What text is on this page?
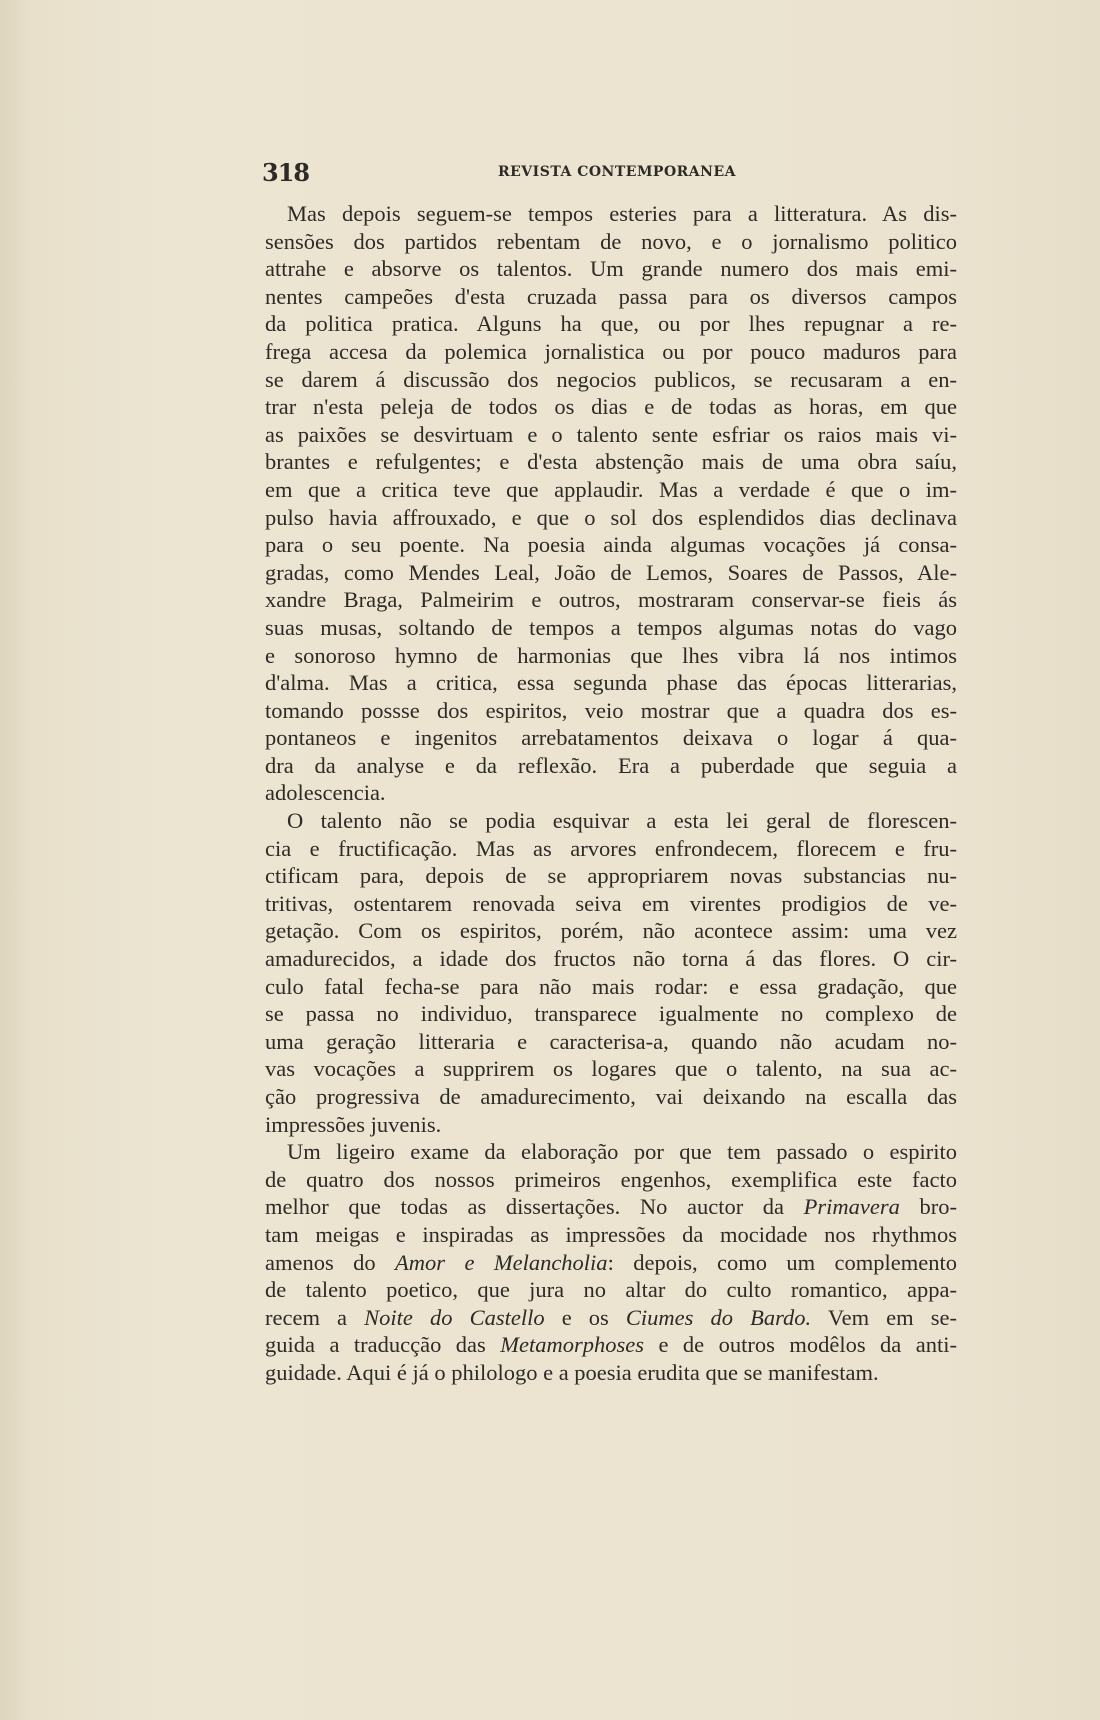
318	REVISTA CONTEMPORANEA
Mas depois seguem-se tempos esteries para a litteratura. As dis-
sensões dos partidos rebentam de novo, e o jornalismo politico
attrahe e absorve os talentos. Um grande numero dos mais emi-
nentes campeões d'esta cruzada passa para os diversos campos
da politica pratica. Alguns ha que, ou por lhes repugnar a re-
frega accesa da polemica jornalistica ou por pouco maduros para
se darem á discussão dos negocios publicos, se recusaram a en-
trar n'esta peleja de todos os dias e de todas as horas, em que
as paixões se desvirtuam e o talento sente esfriar os raios mais vi-
brantes e refulgentes; e d'esta abstenção mais de uma obra saíu,
em que a critica teve que applaudir. Mas a verdade é que o im-
pulso havia affrouxado, e que o sol dos esplendidos dias declinava
para o seu poente. Na poesia ainda algumas vocações já consa-
gradas, como Mendes Leal, João de Lemos, Soares de Passos, Ale-
xandre Braga, Palmeirim e outros, mostraram conservar-se fieis ás
suas musas, soltando de tempos a tempos algumas notas do vago
e sonoroso hymno de harmonias que lhes vibra lá nos intimos
d'alma. Mas a critica, essa segunda phase das épocas litterarias,
tomando possse dos espiritos, veio mostrar que a quadra dos es-
pontaneos e ingenitos arrebatamentos deixava o logar á qua-
dra da analyse e da reflexão. Era a puberdade que seguia a
adolescencia.
O talento não se podia esquivar a esta lei geral de florescen-
cia e fructificação. Mas as arvores enfrondecem, florecem e fru-
ctificam para, depois de se appropriarem novas substancias nu-
tritivas, ostentarem renovada seiva em virentes prodigios de ve-
getação. Com os espiritos, porém, não acontece assim: uma vez
amadurecidos, a idade dos fructos não torna á das flores. O cir-
culo fatal fecha-se para não mais rodar: e essa gradação, que
se passa no individuo, transparece igualmente no complexo de
uma geração litteraria e caracterisa-a, quando não acudam no-
vas vocações a supprirem os logares que o talento, na sua ac-
ção progressiva de amadurecimento, vai deixando na escalla das
impressões juvenis.
Um ligeiro exame da elaboração por que tem passado o espirito
de quatro dos nossos primeiros engenhos, exemplifica este facto
melhor que todas as dissertações. No auctor da Primavera bro-
tam meigas e inspiradas as impressões da mocidade nos rhythmos
amenos do Amor e Melancholia: depois, como um complemento
de talento poetico, que jura no altar do culto romantico, appa-
recem a Noite do Castello e os Ciumes do Bardo. Vem em se-
guida a traducção das Metamorphoses e de outros modêlos da anti-
guidade. Aqui é já o philologo e a poesia erudita que se manifestam.
